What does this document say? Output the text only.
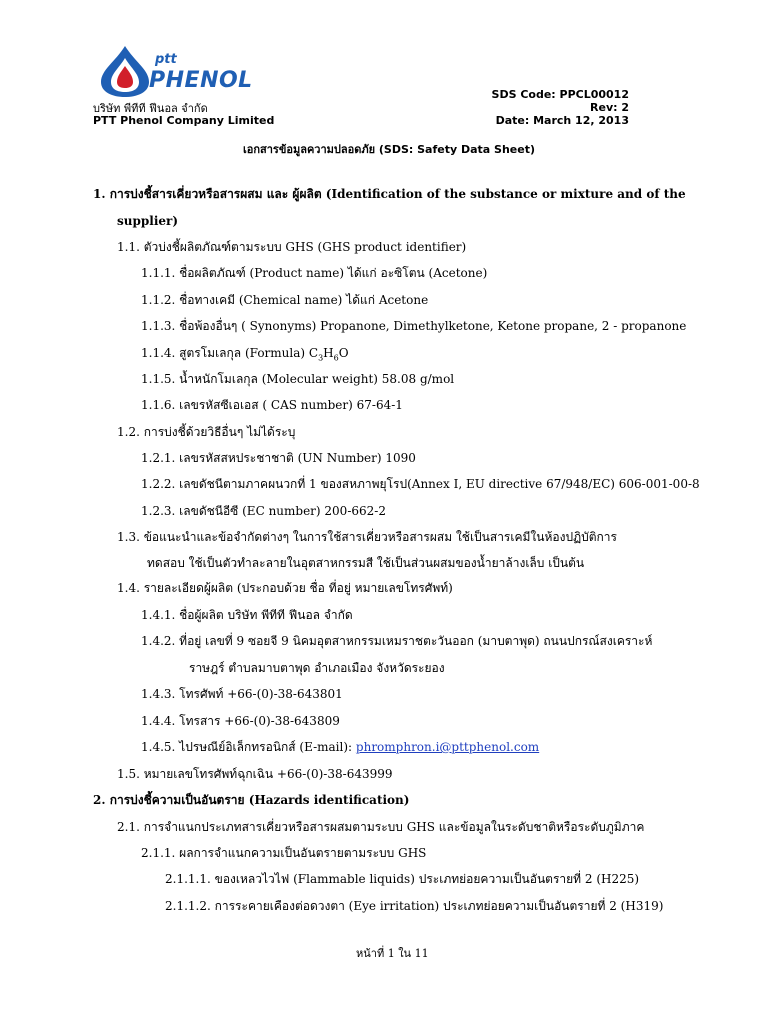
ptt
PHENOL
บริษัท พีทีที ฟีนอล จำกัด
PTT Phenol Company Limited
SDS Code: PPCL00012
Rev: 2
Date: March 12, 2013
เอกสารข้อมูลความปลอดภัย (SDS: Safety Data Sheet)
1. การบ่งชี้สารเคี่ยวหรือสารผสม และ ผู้ผลิต (Identification of the substance or mixture and of the
supplier)
1.1. ตัวบ่งชี้ผลิตภัณฑ์ตามระบบ GHS (GHS product identifier)
1.1.1. ชื่อผลิตภัณฑ์ (Product name) ได้แก่ อะซิโตน (Acetone)
1.1.2. ชื่อทางเคมี (Chemical name) ได้แก่ Acetone
1.1.3. ชื่อพ้องอื่นๆ ( Synonyms) Propanone, Dimethylketone, Ketone propane, 2 - propanone
1.1.4. สูตรโมเลกุล (Formula) $C_3H_6O$
1.1.5. น้ำหนักโมเลกุล (Molecular weight) 58.08 g/mol
1.1.6. เลขรหัสซีเอเอส ( CAS number) 67-64-1
1.2. การบ่งชี้ด้วยวิธีอื่นๆ ไม่ได้ระบุ
1.2.1. เลขรหัสสหประชาชาติ (UN Number) 1090
1.2.2. เลขดัชนีตามภาคผนวกที่ 1 ของสหภาพยุโรป(Annex I, EU directive 67/948/EC) 606-001-00-8
1.2.3. เลขดัชนีอีซี (EC number) 200-662-2
1.3. ข้อแนะนำและข้อจำกัดต่างๆ ในการใช้สารเคี่ยวหรือสารผสม ใช้เป็นสารเคมีในห้องปฏิบัติการ
ทดสอบ ใช้เป็นตัวทำละลายในอุตสาหกรรมสี ใช้เป็นส่วนผสมของน้ำยาล้างเล็บ เป็นต้น
1.4. รายละเอียดผู้ผลิต (ประกอบด้วย ชื่อ ที่อยู่ หมายเลขโทรศัพท์)
1.4.1. ชื่อผู้ผลิต บริษัท พีทีที ฟีนอล จำกัด
1.4.2. ที่อยู่ เลขที่ 9 ซอยจี 9 นิคมอุตสาหกรรมเหมราชตะวันออก (มาบตาพุด) ถนนปกรณ์สงเคราะห์
ราษฎร์ ตำบลมาบตาพุด อำเภอเมือง จังหวัดระยอง
1.4.3. โทรศัพท์ +66-(0)-38-643801
1.4.4. โทรสาร +66-(0)-38-643809
1.4.5. ไปรษณีย์อิเล็กทรอนิกส์ (E-mail): phromphron.i@pttphenol.com
1.5. หมายเลขโทรศัพท์ฉุกเฉิน +66-(0)-38-643999
2. การบ่งชี้ความเป็นอันตราย (Hazards identification)
2.1. การจำแนกประเภทสารเคี่ยวหรือสารผสมตามระบบ GHS และข้อมูลในระดับชาติหรือระดับภูมิภาค
2.1.1. ผลการจำแนกความเป็นอันตรายตามระบบ GHS
2.1.1.1. ของเหลวไวไฟ (Flammable liquids) ประเภทย่อยความเป็นอันตรายที่ 2 (H225)
2.1.1.2. การระคายเคืองต่อดวงตา (Eye irritation) ประเภทย่อยความเป็นอันตรายที่ 2 (H319)
หน้าที่ 1 ใน 11
